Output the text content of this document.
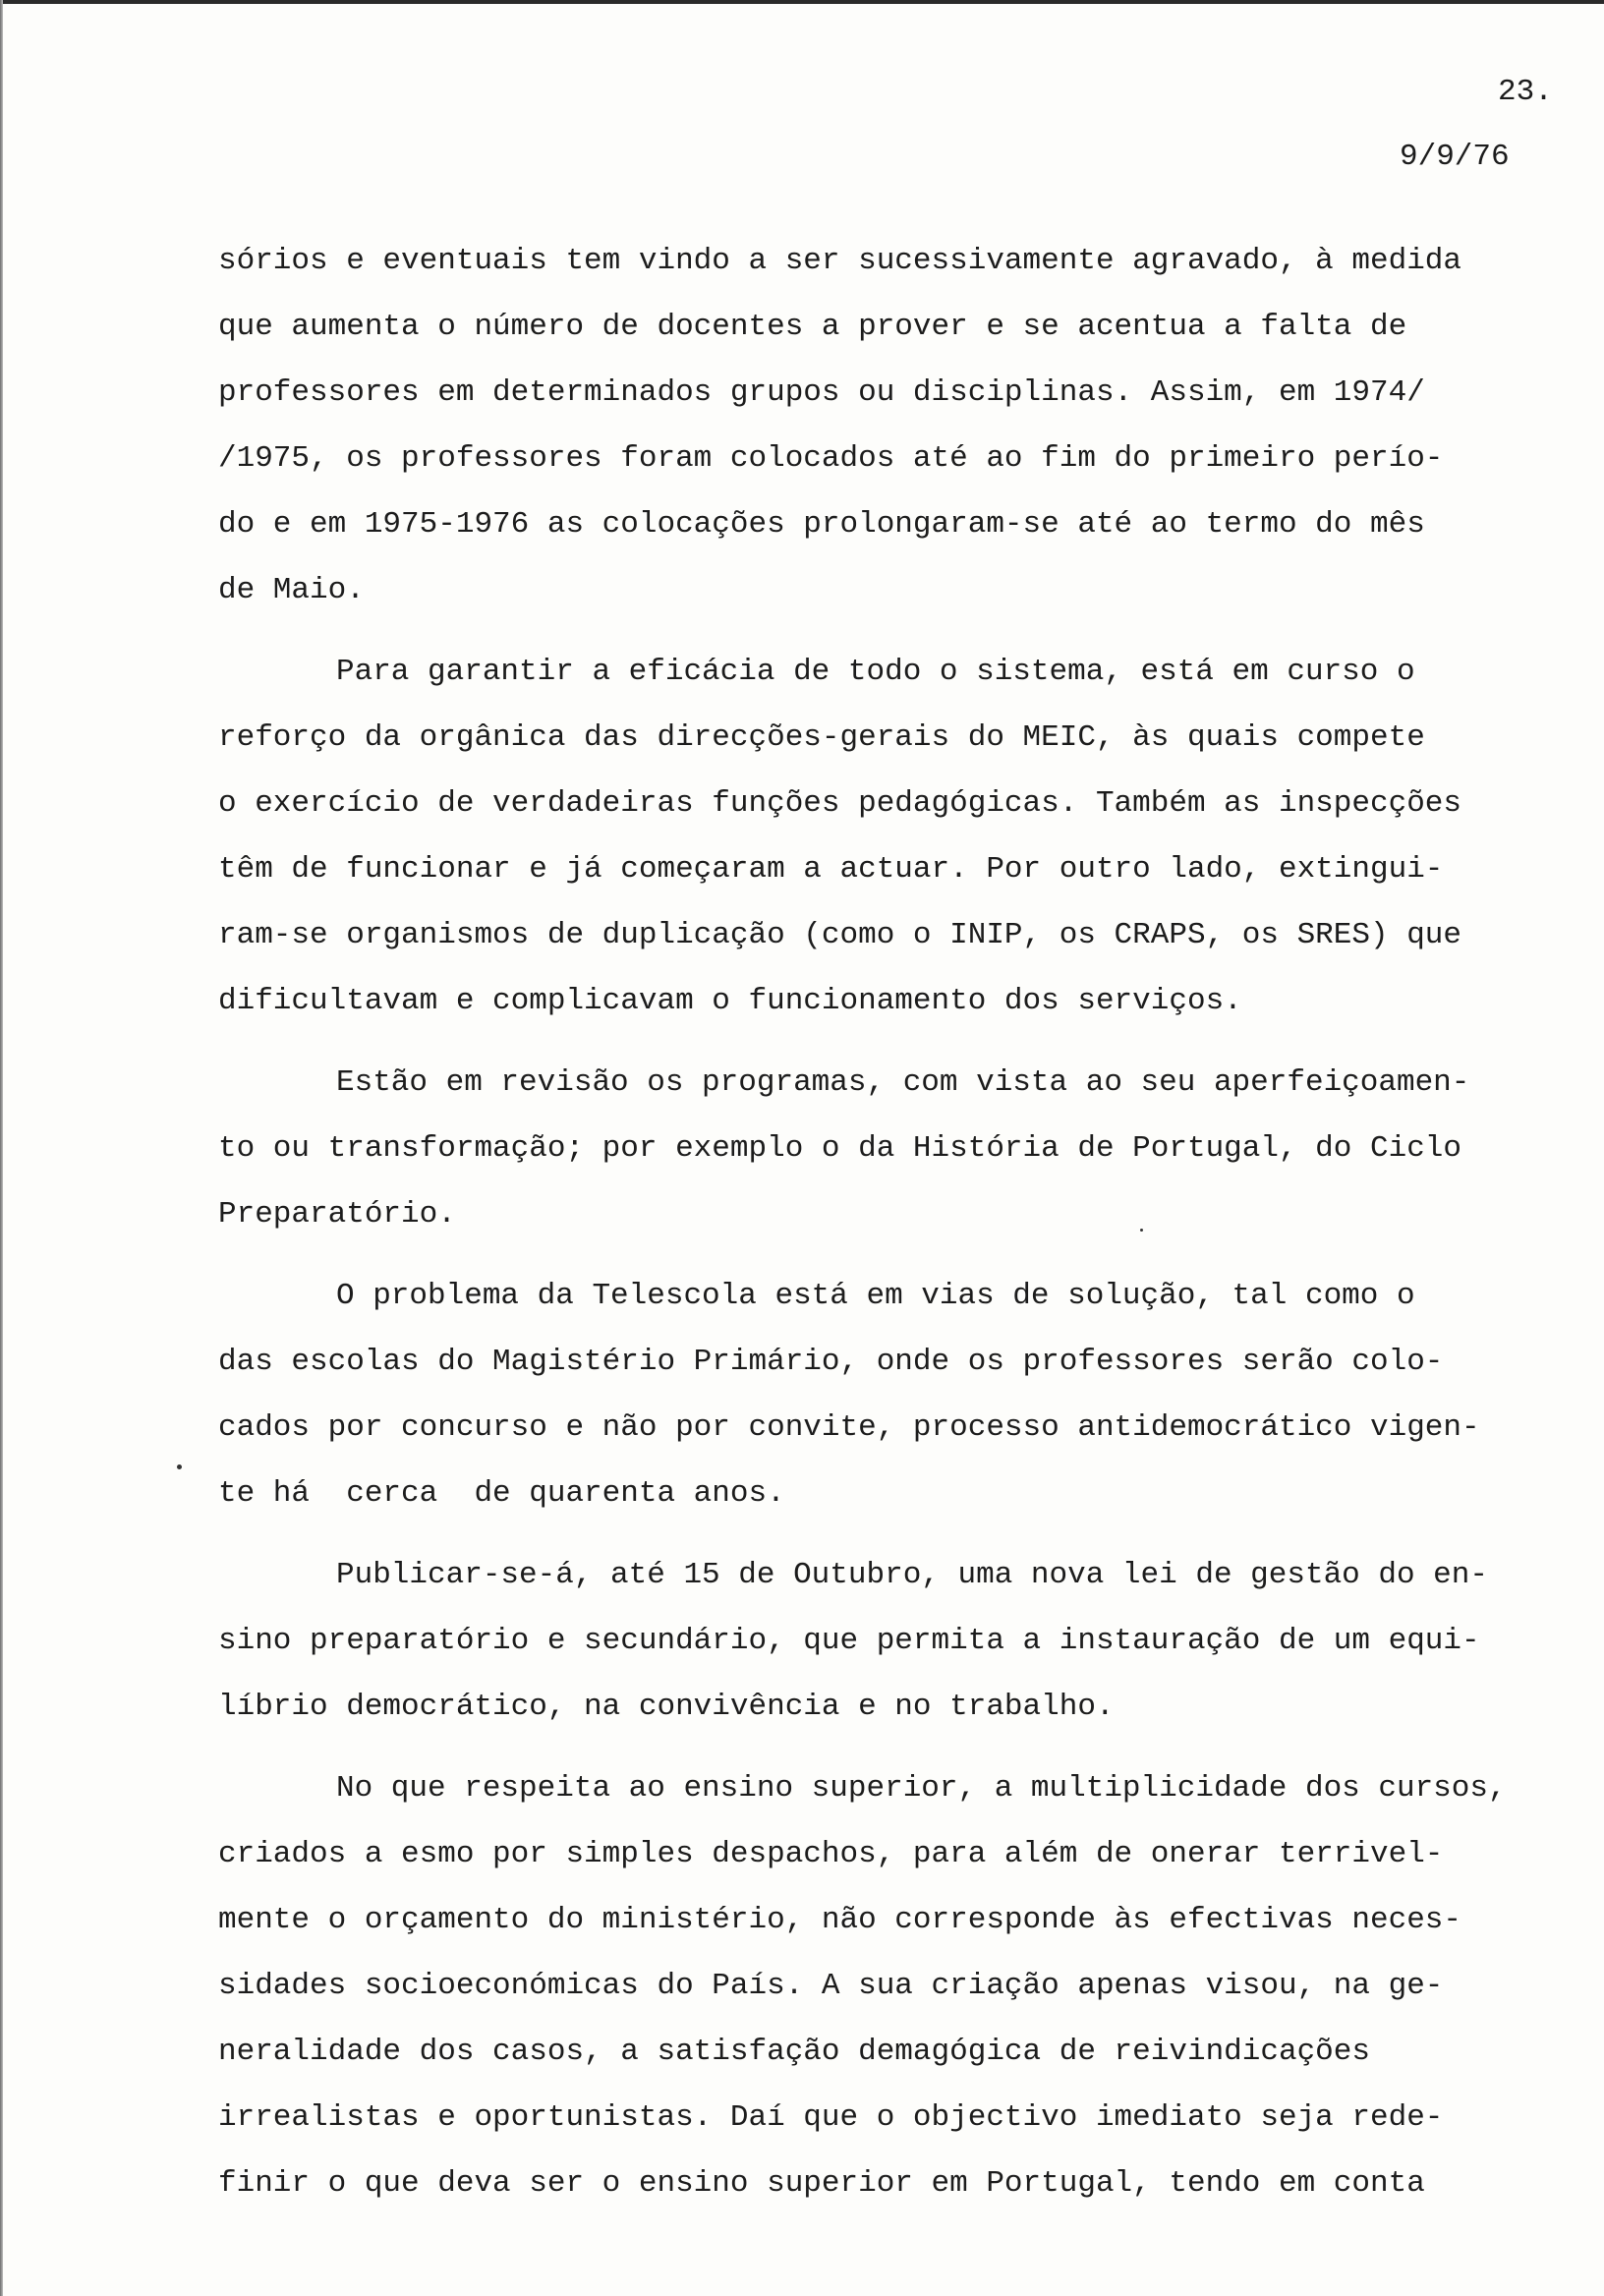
23.
9/9/76
sórios e eventuais tem vindo a ser sucessivamente agravado, à medida
que aumenta o número de docentes a prover e se acentua a falta de
professores em determinados grupos ou disciplinas. Assim, em 1974/
/1975, os professores foram colocados até ao fim do primeiro perío-
do e em 1975-1976 as colocações prolongaram-se até ao termo do mês
de Maio.
Para garantir a eficácia de todo o sistema, está em curso o
reforço da orgânica das direcções-gerais do MEIC, às quais compete
o exercício de verdadeiras funções pedagógicas. Também as inspecções
têm de funcionar e já começaram a actuar. Por outro lado, extingui-
ram-se organismos de duplicação (como o INIP, os CRAPS, os SRES) que
dificultavam e complicavam o funcionamento dos serviços.
Estão em revisão os programas, com vista ao seu aperfeiçoamen-
to ou transformação; por exemplo o da História de Portugal, do Ciclo
Preparatório.
O problema da Telescola está em vias de solução, tal como o
das escolas do Magistério Primário, onde os professores serão colo-
cados por concurso e não por convite, processo antidemocrático vigen-
te há  cerca  de quarenta anos.
Publicar-se-á, até 15 de Outubro, uma nova lei de gestão do en-
sino preparatório e secundário, que permita a instauração de um equi-
líbrio democrático, na convivência e no trabalho.
No que respeita ao ensino superior, a multiplicidade dos cursos,
criados a esmo por simples despachos, para além de onerar terrivel-
mente o orçamento do ministério, não corresponde às efectivas neces-
sidades socioeconómicas do País. A sua criação apenas visou, na ge-
neralidade dos casos, a satisfação demagógica de reivindicações
irrealistas e oportunistas. Daí que o objectivo imediato seja rede-
finir o que deva ser o ensino superior em Portugal, tendo em conta
